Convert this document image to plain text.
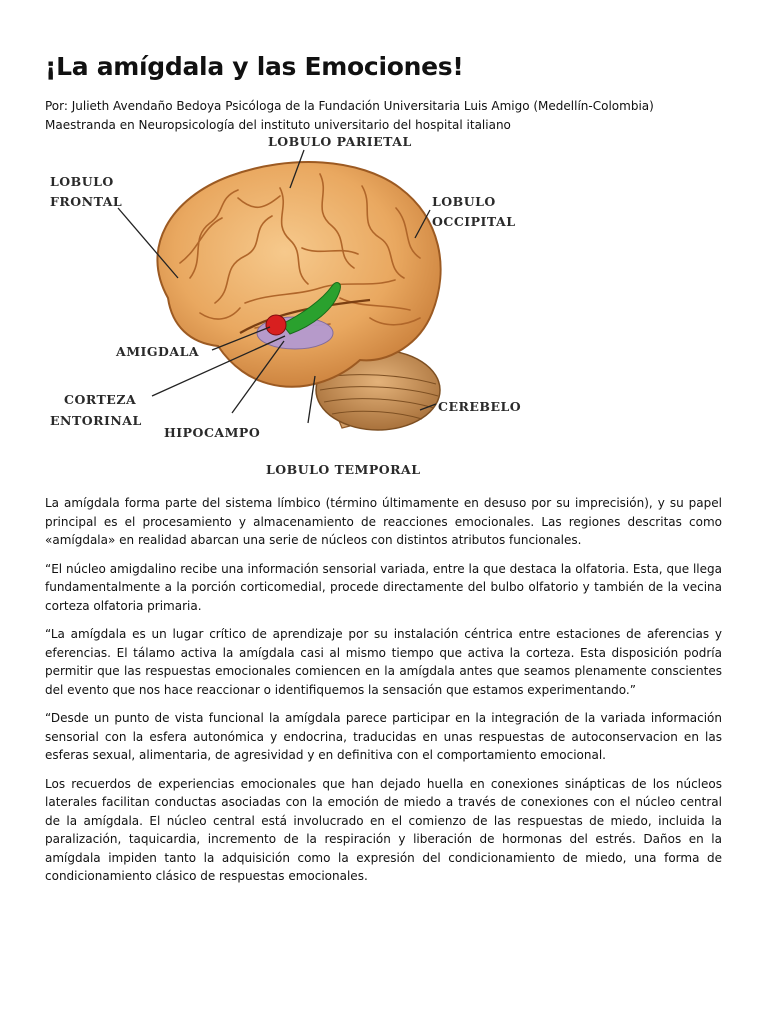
¡La amígdala y las Emociones!

Por: Julieth Avendaño Bedoya Psicóloga de la Fundación Universitaria Luis Amigo (Medellín-Colombia) Maestranda en Neuropsicología del instituto universitario del hospital italiano

LOBULO PARIETAL
LOBULO
FRONTAL	LOBULO
OCCIPITAL
AMIGDALA
CORTEZA
ENTORINAL
HIPOCAMPO
CEREBELO
LOBULO TEMPORAL

La amígdala forma parte del sistema límbico (término últimamente en desuso por su imprecisión), y su papel principal es el procesamiento y almacenamiento de reacciones emocionales. Las regiones descritas como «amígdala» en realidad abarcan una serie de núcleos con distintos atributos funcionales.

“El núcleo amigdalino recibe una información sensorial variada, entre la que destaca la olfatoria. Esta, que llega fundamentalmente a la porción corticomedial, procede directamente del bulbo olfatorio y también de la vecina corteza olfatoria primaria.

“La amígdala es un lugar crítico de aprendizaje por su instalación céntrica entre estaciones de aferencias y eferencias. El tálamo activa la amígdala casi al mismo tiempo que activa la corteza. Esta disposición podría permitir que las respuestas emocionales comiencen en la amígdala antes que seamos plenamente conscientes del evento que nos hace reaccionar o identifiquemos la sensación que estamos experimentando.”

“Desde un punto de vista funcional la amígdala parece participar en la integración de la variada información sensorial con la esfera autonómica y endocrina, traducidas en unas respuestas de autoconservacion en las esferas sexual, alimentaria, de agresividad y en definitiva con el comportamiento emocional.

Los recuerdos de experiencias emocionales que han dejado huella en conexiones sinápticas de los núcleos laterales facilitan conductas asociadas con la emoción de miedo a través de conexiones con el núcleo central de la amígdala. El núcleo central está involucrado en el comienzo de las respuestas de miedo, incluida la paralización, taquicardia, incremento de la respiración y liberación de hormonas del estrés. Daños en la amígdala impiden tanto la adquisición como la expresión del condicionamiento de miedo, una forma de condicionamiento clásico de respuestas emocionales.
